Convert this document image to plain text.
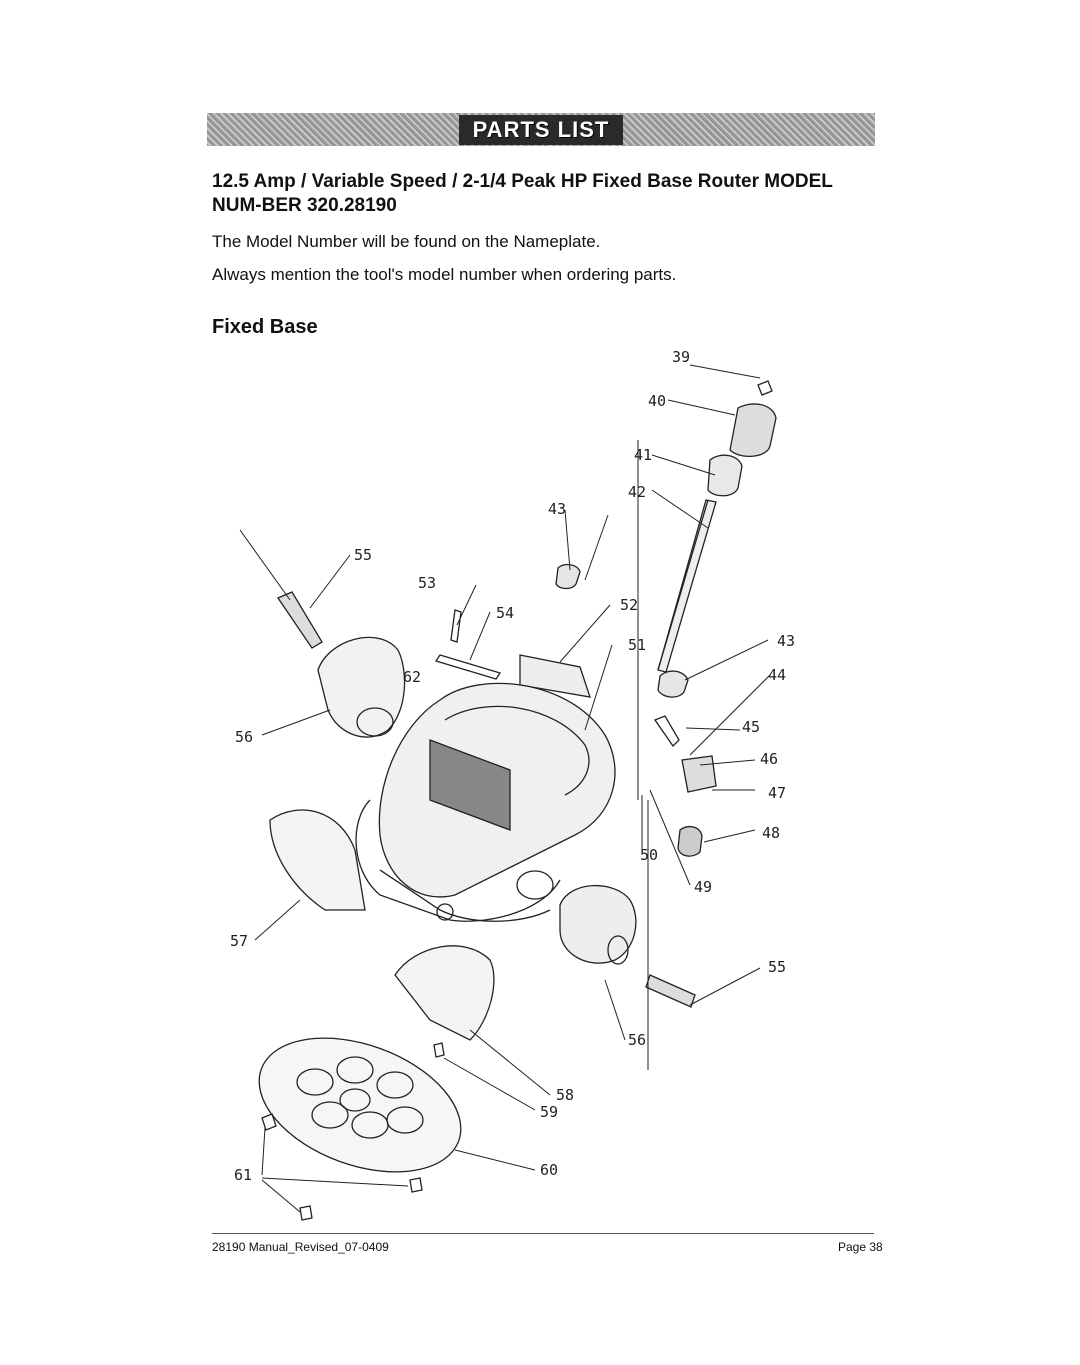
PARTS LIST

12.5 Amp / Variable Speed / 2-1/4 Peak HP Fixed Base Router MODEL NUM-BER 320.28190

The Model Number will be found on the Nameplate.

Always mention the tool's model number when ordering parts.

Fixed Base

39
40
41
42
43
43
44
45
46
47
48
49
50
51
52
53
54
55
55
56
56
57
58
59
60
61
62
28190 Manual_Revised_07-0409	Page 38
